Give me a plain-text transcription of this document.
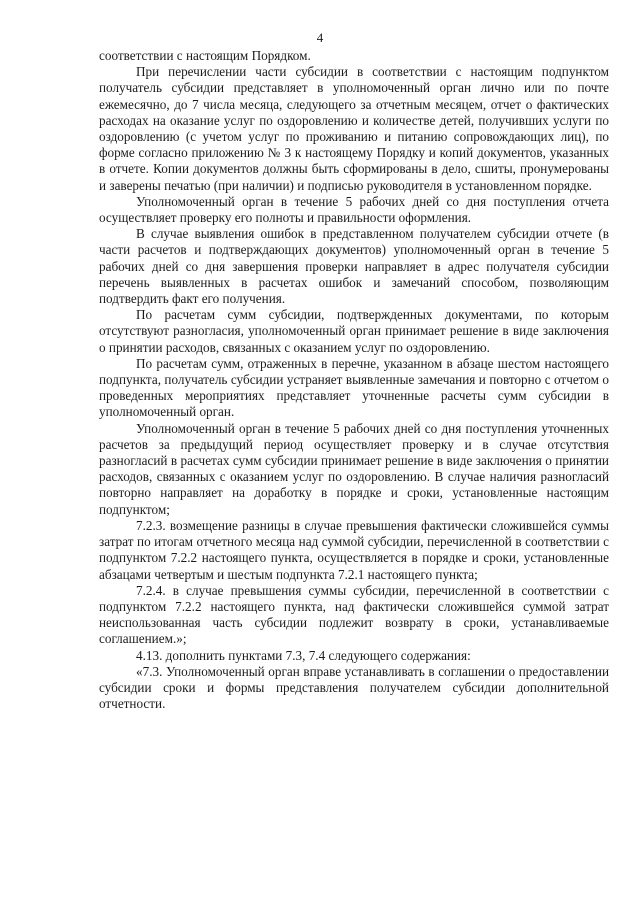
4

соответствии с настоящим Порядком.

При перечислении части субсидии в соответствии с настоящим подпунктом получатель субсидии представляет в уполномоченный орган лично или по почте ежемесячно, до 7 числа месяца, следующего за отчетным месяцем, отчет о фактических расходах на оказание услуг по оздоровлению и количестве детей, получивших услуги по оздоровлению (с учетом услуг по проживанию и питанию сопровождающих лиц), по форме согласно приложению № 3 к настоящему Порядку и копий документов, указанных в отчете. Копии документов должны быть сформированы в дело, сшиты, пронумерованы и заверены печатью (при наличии) и подписью руководителя в установленном порядке.

Уполномоченный орган в течение 5 рабочих дней со дня поступления отчета осуществляет проверку его полноты и правильности оформления.

В случае выявления ошибок в представленном получателем субсидии отчете (в части расчетов и подтверждающих документов) уполномоченный орган в течение 5 рабочих дней со дня завершения проверки направляет в адрес получателя субсидии перечень выявленных в расчетах ошибок и замечаний способом, позволяющим подтвердить факт его получения.

По расчетам сумм субсидии, подтвержденных документами, по которым отсутствуют разногласия, уполномоченный орган принимает решение в виде заключения о принятии расходов, связанных с оказанием услуг по оздоровлению.

По расчетам сумм, отраженных в перечне, указанном в абзаце шестом настоящего подпункта, получатель субсидии устраняет выявленные замечания и повторно с отчетом о проведенных мероприятиях представляет уточненные расчеты сумм субсидии в уполномоченный орган.

Уполномоченный орган в течение 5 рабочих дней со дня поступления уточненных расчетов за предыдущий период осуществляет проверку и в случае отсутствия разногласий в расчетах сумм субсидии принимает решение в виде заключения о принятии расходов, связанных с оказанием услуг по оздоровлению. В случае наличия разногласий повторно направляет на доработку в порядке и сроки, установленные настоящим подпунктом;

7.2.3. возмещение разницы в случае превышения фактически сложившейся суммы затрат по итогам отчетного месяца над суммой субсидии, перечисленной в соответствии с подпунктом 7.2.2 настоящего пункта, осуществляется в порядке и сроки, установленные абзацами четвертым и шестым подпункта 7.2.1 настоящего пункта;

7.2.4. в случае превышения суммы субсидии, перечисленной в соответствии с подпунктом 7.2.2 настоящего пункта, над фактически сложившейся суммой затрат неиспользованная часть субсидии подлежит возврату в сроки, устанавливаемые соглашением.»;

4.13. дополнить пунктами 7.3, 7.4 следующего содержания:

«7.3. Уполномоченный орган вправе устанавливать в соглашении о предоставлении субсидии сроки и формы представления получателем субсидии дополнительной отчетности.
